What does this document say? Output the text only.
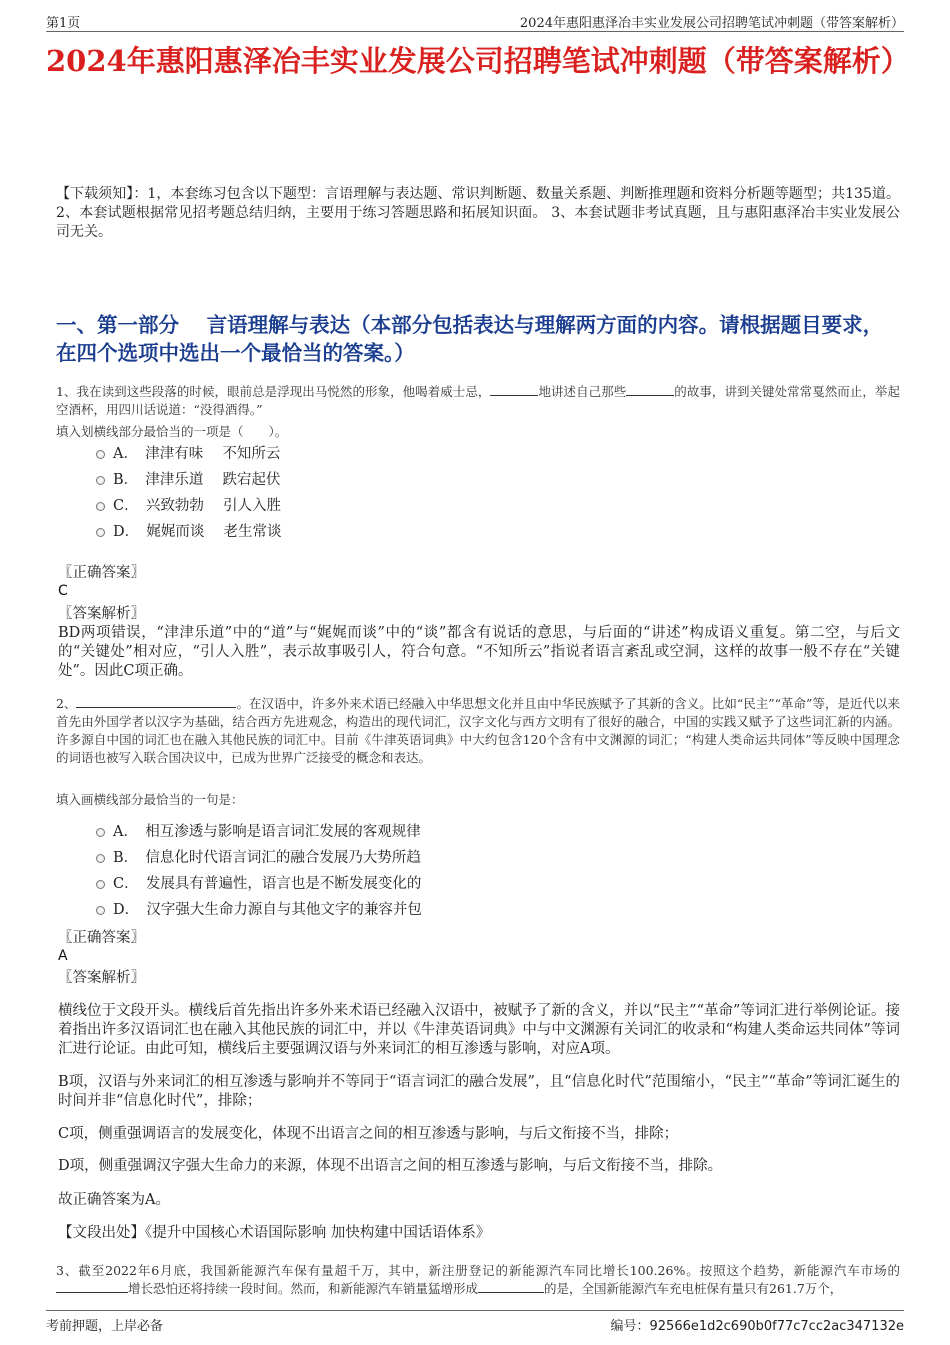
第1页	2024年惠阳惠泽冶丰实业发展公司招聘笔试冲刺题（带答案解析）
2024年惠阳惠泽冶丰实业发展公司招聘笔试冲刺题（带答案解析）

【下载须知】：1，本套练习包含以下题型：言语理解与表达题、常识判断题、数量关系题、判断推理题和资料分析题等题型；共135道。 2、本套试题根据常见招考题总结归纳，主要用于练习答题思路和拓展知识面。 3、本套试题非考试真题，且与惠阳惠泽冶丰实业发展公司无关。

一、第一部分　 言语理解与表达（本部分包括表达与理解两方面的内容。请根据题目要求，在四个选项中选出一个最恰当的答案。）
1、我在读到这些段落的时候，眼前总是浮现出马悦然的形象，他喝着威士忌，	地讲述自己那些	的故事，讲到关键处常常戛然而止，举起空酒杯，用四川话说道：“没得酒得。”
填入划横线部分最恰当的一项是（　　）。
A．　津津有味　 不知所云
B．　津津乐道　 跌宕起伏
C．　兴致勃勃　 引人入胜
D．　娓娓而谈　 老生常谈
〖正确答案〗
C
〖答案解析〗
BD两项错误，“津津乐道”中的“道”与“娓娓而谈”中的“谈”都含有说话的意思，与后面的“讲述”构成语义重复。第二空，与后文的“关键处”相对应，“引人入胜”，表示故事吸引人，符合句意。“不知所云”指说者语言紊乱或空洞，这样的故事一般不存在“关键处”。因此C项正确。
2、	。在汉语中，许多外来术语已经融入中华思想文化并且由中华民族赋予了其新的含义。比如“民主”“革命”等，是近代以来首先由外国学者以汉字为基础，结合西方先进观念，构造出的现代词汇，汉字文化与西方文明有了很好的融合，中国的实践又赋予了这些词汇新的内涵。许多源自中国的词汇也在融入其他民族的词汇中。目前《牛津英语词典》中大约包含120个含有中文渊源的词汇；“构建人类命运共同体”等反映中国理念的词语也被写入联合国决议中，已成为世界广泛接受的概念和表达。
填入画横线部分最恰当的一句是：
A．　相互渗透与影响是语言词汇发展的客观规律
B．　信息化时代语言词汇的融合发展乃大势所趋
C．　发展具有普遍性，语言也是不断发展变化的
D．　汉字强大生命力源自与其他文字的兼容并包
〖正确答案〗
A
〖答案解析〗
横线位于文段开头。横线后首先指出许多外来术语已经融入汉语中，被赋予了新的含义，并以“民主”“革命”等词汇进行举例论证。接着指出许多汉语词汇也在融入其他民族的词汇中，并以《牛津英语词典》中与中文渊源有关词汇的收录和“构建人类命运共同体”等词汇进行论证。由此可知，横线后主要强调汉语与外来词汇的相互渗透与影响，对应A项。
B项，汉语与外来词汇的相互渗透与影响并不等同于“语言词汇的融合发展”，且“信息化时代”范围缩小，“民主”“革命”等词汇诞生的时间并非“信息化时代”，排除；
C项，侧重强调语言的发展变化，体现不出语言之间的相互渗透与影响，与后文衔接不当，排除；
D项，侧重强调汉字强大生命力的来源，体现不出语言之间的相互渗透与影响，与后文衔接不当，排除。
故正确答案为A。
【文段出处】《提升中国核心术语国际影响 加快构建中国话语体系》
3、截至2022年6月底，我国新能源汽车保有量超千万，其中，新注册登记的新能源汽车同比增长100.26%。按照这个趋势，新能源汽车市场的增长恐怕还将持续一段时间。然而，和新能源汽车销量猛增形成	的是，全国新能源汽车充电桩保有量只有261.7万个，
考前押题，上岸必备	编号：92566e1d2c690b0f77c7cc2ac347132e
